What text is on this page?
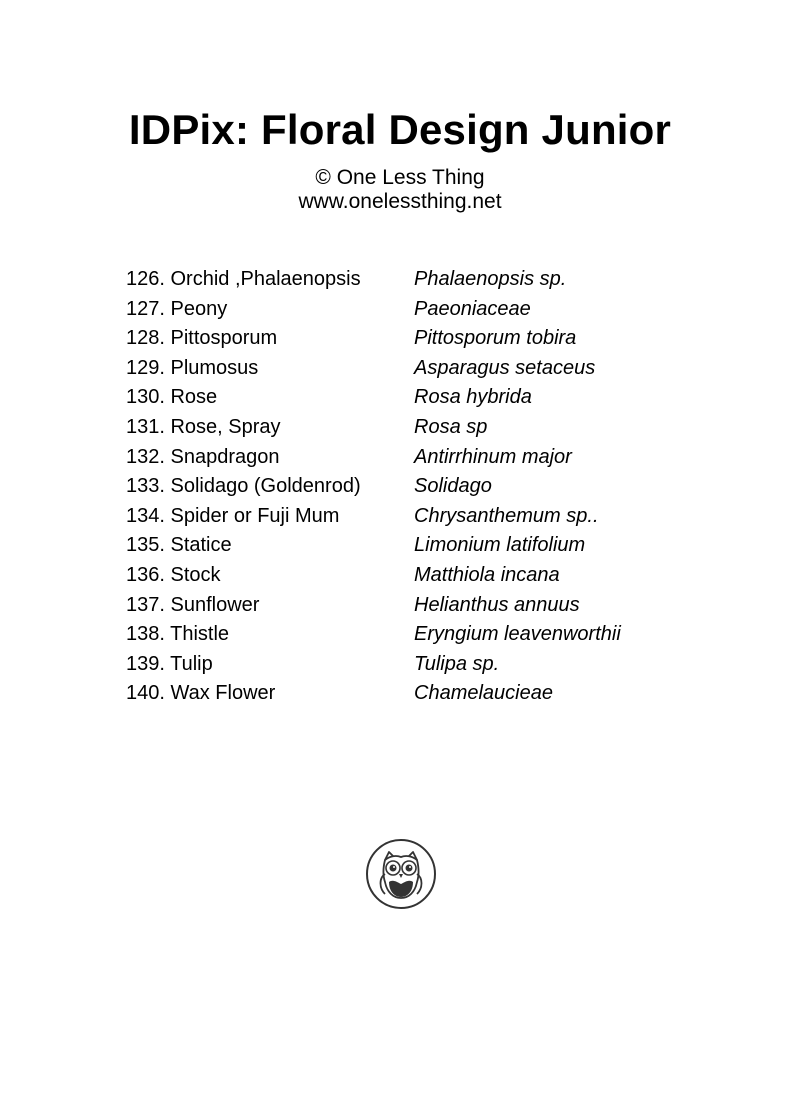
IDPix: Floral Design Junior
© One Less Thing
www.onelessthing.net
126. Orchid ,Phalaenopsis	Phalaenopsis sp.
127. Peony	Paeoniaceae
128. Pittosporum	Pittosporum tobira
129. Plumosus	Asparagus setaceus
130. Rose	Rosa hybrida
131. Rose, Spray	Rosa sp
132. Snapdragon	Antirrhinum major
133. Solidago (Goldenrod)	Solidago
134. Spider or Fuji Mum	Chrysanthemum sp..
135. Statice	Limonium latifolium
136. Stock	Matthiola incana
137. Sunflower	Helianthus annuus
138. Thistle	Eryngium leavenworthii
139. Tulip	Tulipa sp.
140. Wax Flower	Chamelaucieae
